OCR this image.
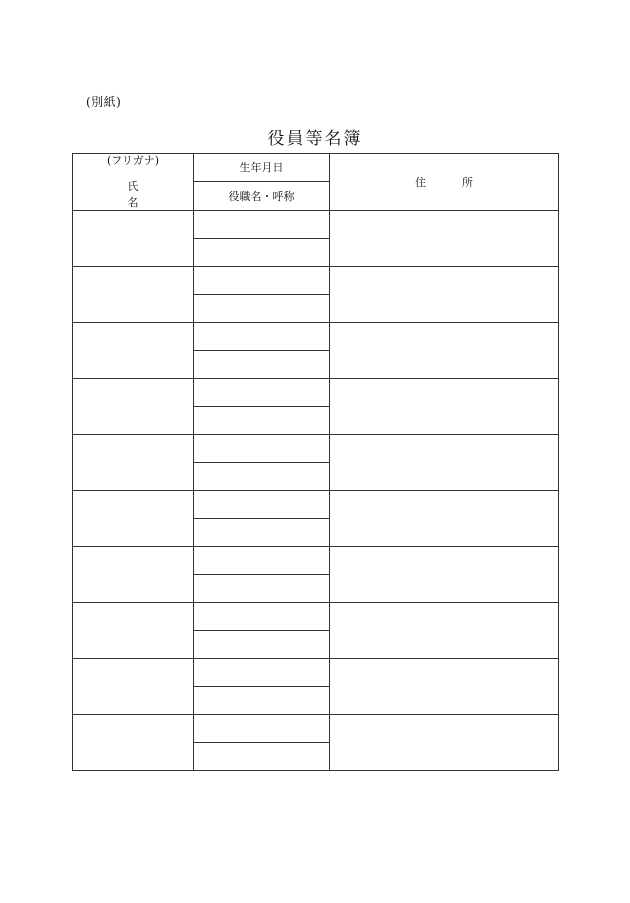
(別紙)
役員等名簿
(フリガナ)
氏名	生年月日	住所
	役職名・呼称	
